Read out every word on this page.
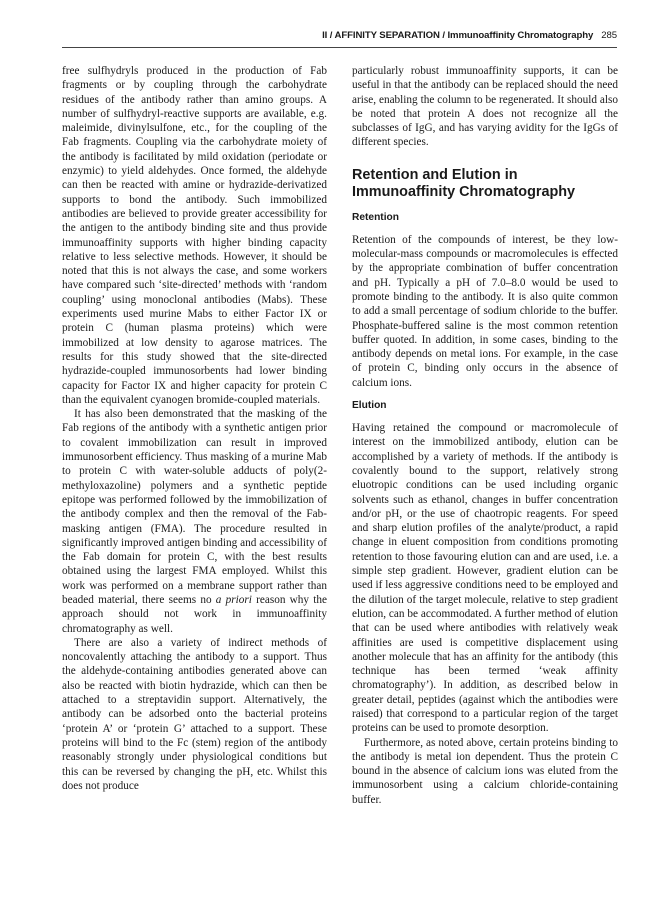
II / AFFINITY SEPARATION / Immunoaffinity Chromatography 285

free sulfhydryls produced in the production of Fab fragments or by coupling through the carbohydrate residues of the antibody rather than amino groups. A number of sulfhydryl-reactive supports are available, e.g. maleimide, divinylsulfone, etc., for the coupling of the Fab fragments. Coupling via the carbohydrate moiety of the antibody is facilitated by mild oxidation (periodate or enzymic) to yield aldehydes. Once formed, the aldehyde can then be reacted with amine or hydrazide-derivatized supports to bond the antibody. Such immobilized antibodies are believed to provide greater accessibility for the antigen to the antibody binding site and thus provide immunoaffinity supports with higher binding capacity relative to less selective methods. However, it should be noted that this is not always the case, and some workers have compared such ‘site-directed’ methods with ‘random coupling’ using monoclonal antibodies (Mabs). These experiments used murine Mabs to either Factor IX or protein C (human plasma proteins) which were immobilized at low density to agarose matrices. The results for this study showed that the site-directed hydrazide-coupled immunosorbents had lower binding capacity for Factor IX and higher capacity for protein C than the equivalent cyanogen bromide-coupled materials.

It has also been demonstrated that the masking of the Fab regions of the antibody with a synthetic antigen prior to covalent immobilization can result in improved immunosorbent efficiency. Thus masking of a murine Mab to protein C with water-soluble adducts of poly(2-methyloxazoline) polymers and a synthetic peptide epitope was performed followed by the immobilization of the antibody complex and then the removal of the Fab-masking antigen (FMA). The procedure resulted in significantly improved antigen binding and accessibility of the Fab domain for protein C, with the best results obtained using the largest FMA employed. Whilst this work was performed on a membrane support rather than beaded material, there seems no a priori reason why the approach should not work in immunoaffinity chromatography as well.

There are also a variety of indirect methods of noncovalently attaching the antibody to a support. Thus the aldehyde-containing antibodies generated above can also be reacted with biotin hydrazide, which can then be attached to a streptavidin support. Alternatively, the antibody can be adsorbed onto the bacterial proteins ‘protein A’ or ‘protein G’ attached to a support. These proteins will bind to the Fc (stem) region of the antibody reasonably strongly under physiological conditions but this can be reversed by changing the pH, etc. Whilst this does not produce

particularly robust immunoaffinity supports, it can be useful in that the antibody can be replaced should the need arise, enabling the column to be regenerated. It should also be noted that protein A does not recognize all the subclasses of IgG, and has varying avidity for the IgGs of different species.

Retention and Elution in Immunoaffinity Chromatography
Retention

Retention of the compounds of interest, be they low-molecular-mass compounds or macromolecules is effected by the appropriate combination of buffer concentration and pH. Typically a pH of 7.0–8.0 would be used to promote binding to the antibody. It is also quite common to add a small percentage of sodium chloride to the buffer. Phosphate-buffered saline is the most common retention buffer quoted. In addition, in some cases, binding to the antibody depends on metal ions. For example, in the case of protein C, binding only occurs in the absence of calcium ions.

Elution

Having retained the compound or macromolecule of interest on the immobilized antibody, elution can be accomplished by a variety of methods. If the antibody is covalently bound to the support, relatively strong eluotropic conditions can be used including organic solvents such as ethanol, changes in buffer concentration and/or pH, or the use of chaotropic reagents. For speed and sharp elution profiles of the analyte/product, a rapid change in eluent composition from conditions promoting retention to those favouring elution can and are used, i.e. a simple step gradient. However, gradient elution can be used if less aggressive conditions need to be employed and the dilution of the target molecule, relative to step gradient elution, can be accommodated. A further method of elution that can be used where antibodies with relatively weak affinities are used is competitive displacement using another molecule that has an affinity for the antibody (this technique has been termed ‘weak affinity chromatography’). In addition, as described below in greater detail, peptides (against which the antibodies were raised) that correspond to a particular region of the target proteins can be used to promote desorption.

Furthermore, as noted above, certain proteins binding to the antibody is metal ion dependent. Thus the protein C bound in the absence of calcium ions was eluted from the immunosorbent using a calcium chloride-containing buffer.
